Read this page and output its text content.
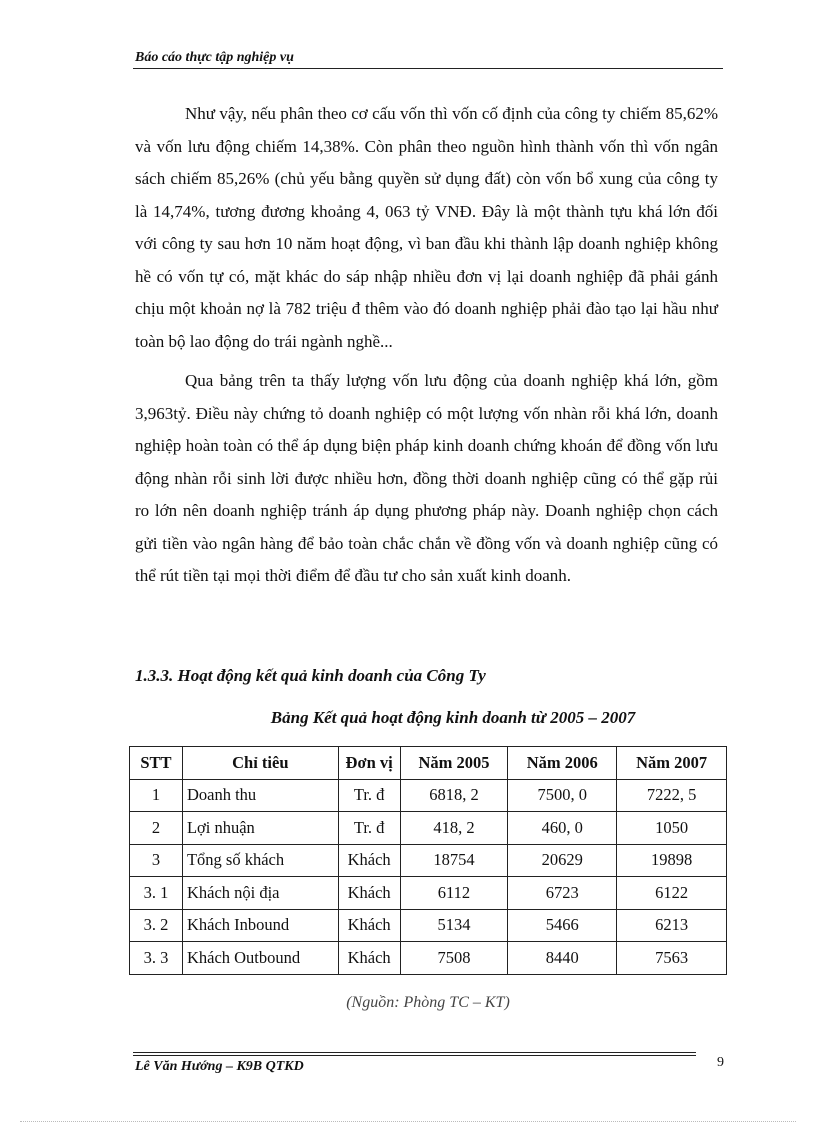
Báo cáo thực tập nghiệp vụ

Như vậy, nếu phân theo cơ cấu vốn thì vốn cố định của công ty chiếm 85,62% và vốn lưu động chiếm 14,38%. Còn phân theo nguồn hình thành vốn thì vốn ngân sách chiếm 85,26% (chủ yếu bằng quyền sử dụng đất) còn vốn bổ xung của công ty là 14,74%, tương đương khoảng 4, 063 tỷ VNĐ. Đây là một thành tựu khá lớn đối với công ty sau hơn 10 năm hoạt động, vì ban đầu khi thành lập doanh nghiệp không hề có vốn tự có, mặt khác do sáp nhập nhiều đơn vị lại doanh nghiệp đã phải gánh chịu một khoản nợ là 782 triệu đ thêm vào đó doanh nghiệp phải đào tạo lại hầu như toàn bộ lao động do trái ngành nghề...

Qua bảng trên ta thấy lượng vốn lưu động của doanh nghiệp khá lớn, gồm 3,963tỷ. Điều này chứng tỏ doanh nghiệp có một lượng vốn nhàn rỗi khá lớn, doanh nghiệp hoàn toàn có thể áp dụng biện pháp kinh doanh chứng khoán để đồng vốn lưu động nhàn rỗi sinh lời được nhiều hơn, đồng thời doanh nghiệp cũng có thể gặp rủi ro lớn nên doanh nghiệp tránh áp dụng phương pháp này. Doanh nghiệp chọn cách gửi tiền vào ngân hàng để bảo toàn chắc chắn về đồng vốn và doanh nghiệp cũng có thể rút tiền tại mọi thời điểm để đầu tư cho sản xuất kinh doanh.

1.3.3. Hoạt động kết quả kinh doanh của Công Ty
Bảng Kết quả hoạt động kinh doanh từ 2005 – 2007
STT	Chỉ tiêu	Đơn vị	Năm 2005	Năm 2006	Năm 2007
1	Doanh thu	Tr. đ	6818, 2	7500, 0	7222, 5
2	Lợi nhuận	Tr. đ	418, 2	460, 0	1050
3	Tổng số khách	Khách	18754	20629	19898
3. 1	Khách nội địa	Khách	6112	6723	6122
3. 2	Khách Inbound	Khách	5134	5466	6213
3. 3	Khách Outbound	Khách	7508	8440	7563
(Nguồn: Phòng TC – KT)
Lê Văn Hướng – K9B QTKD	9
